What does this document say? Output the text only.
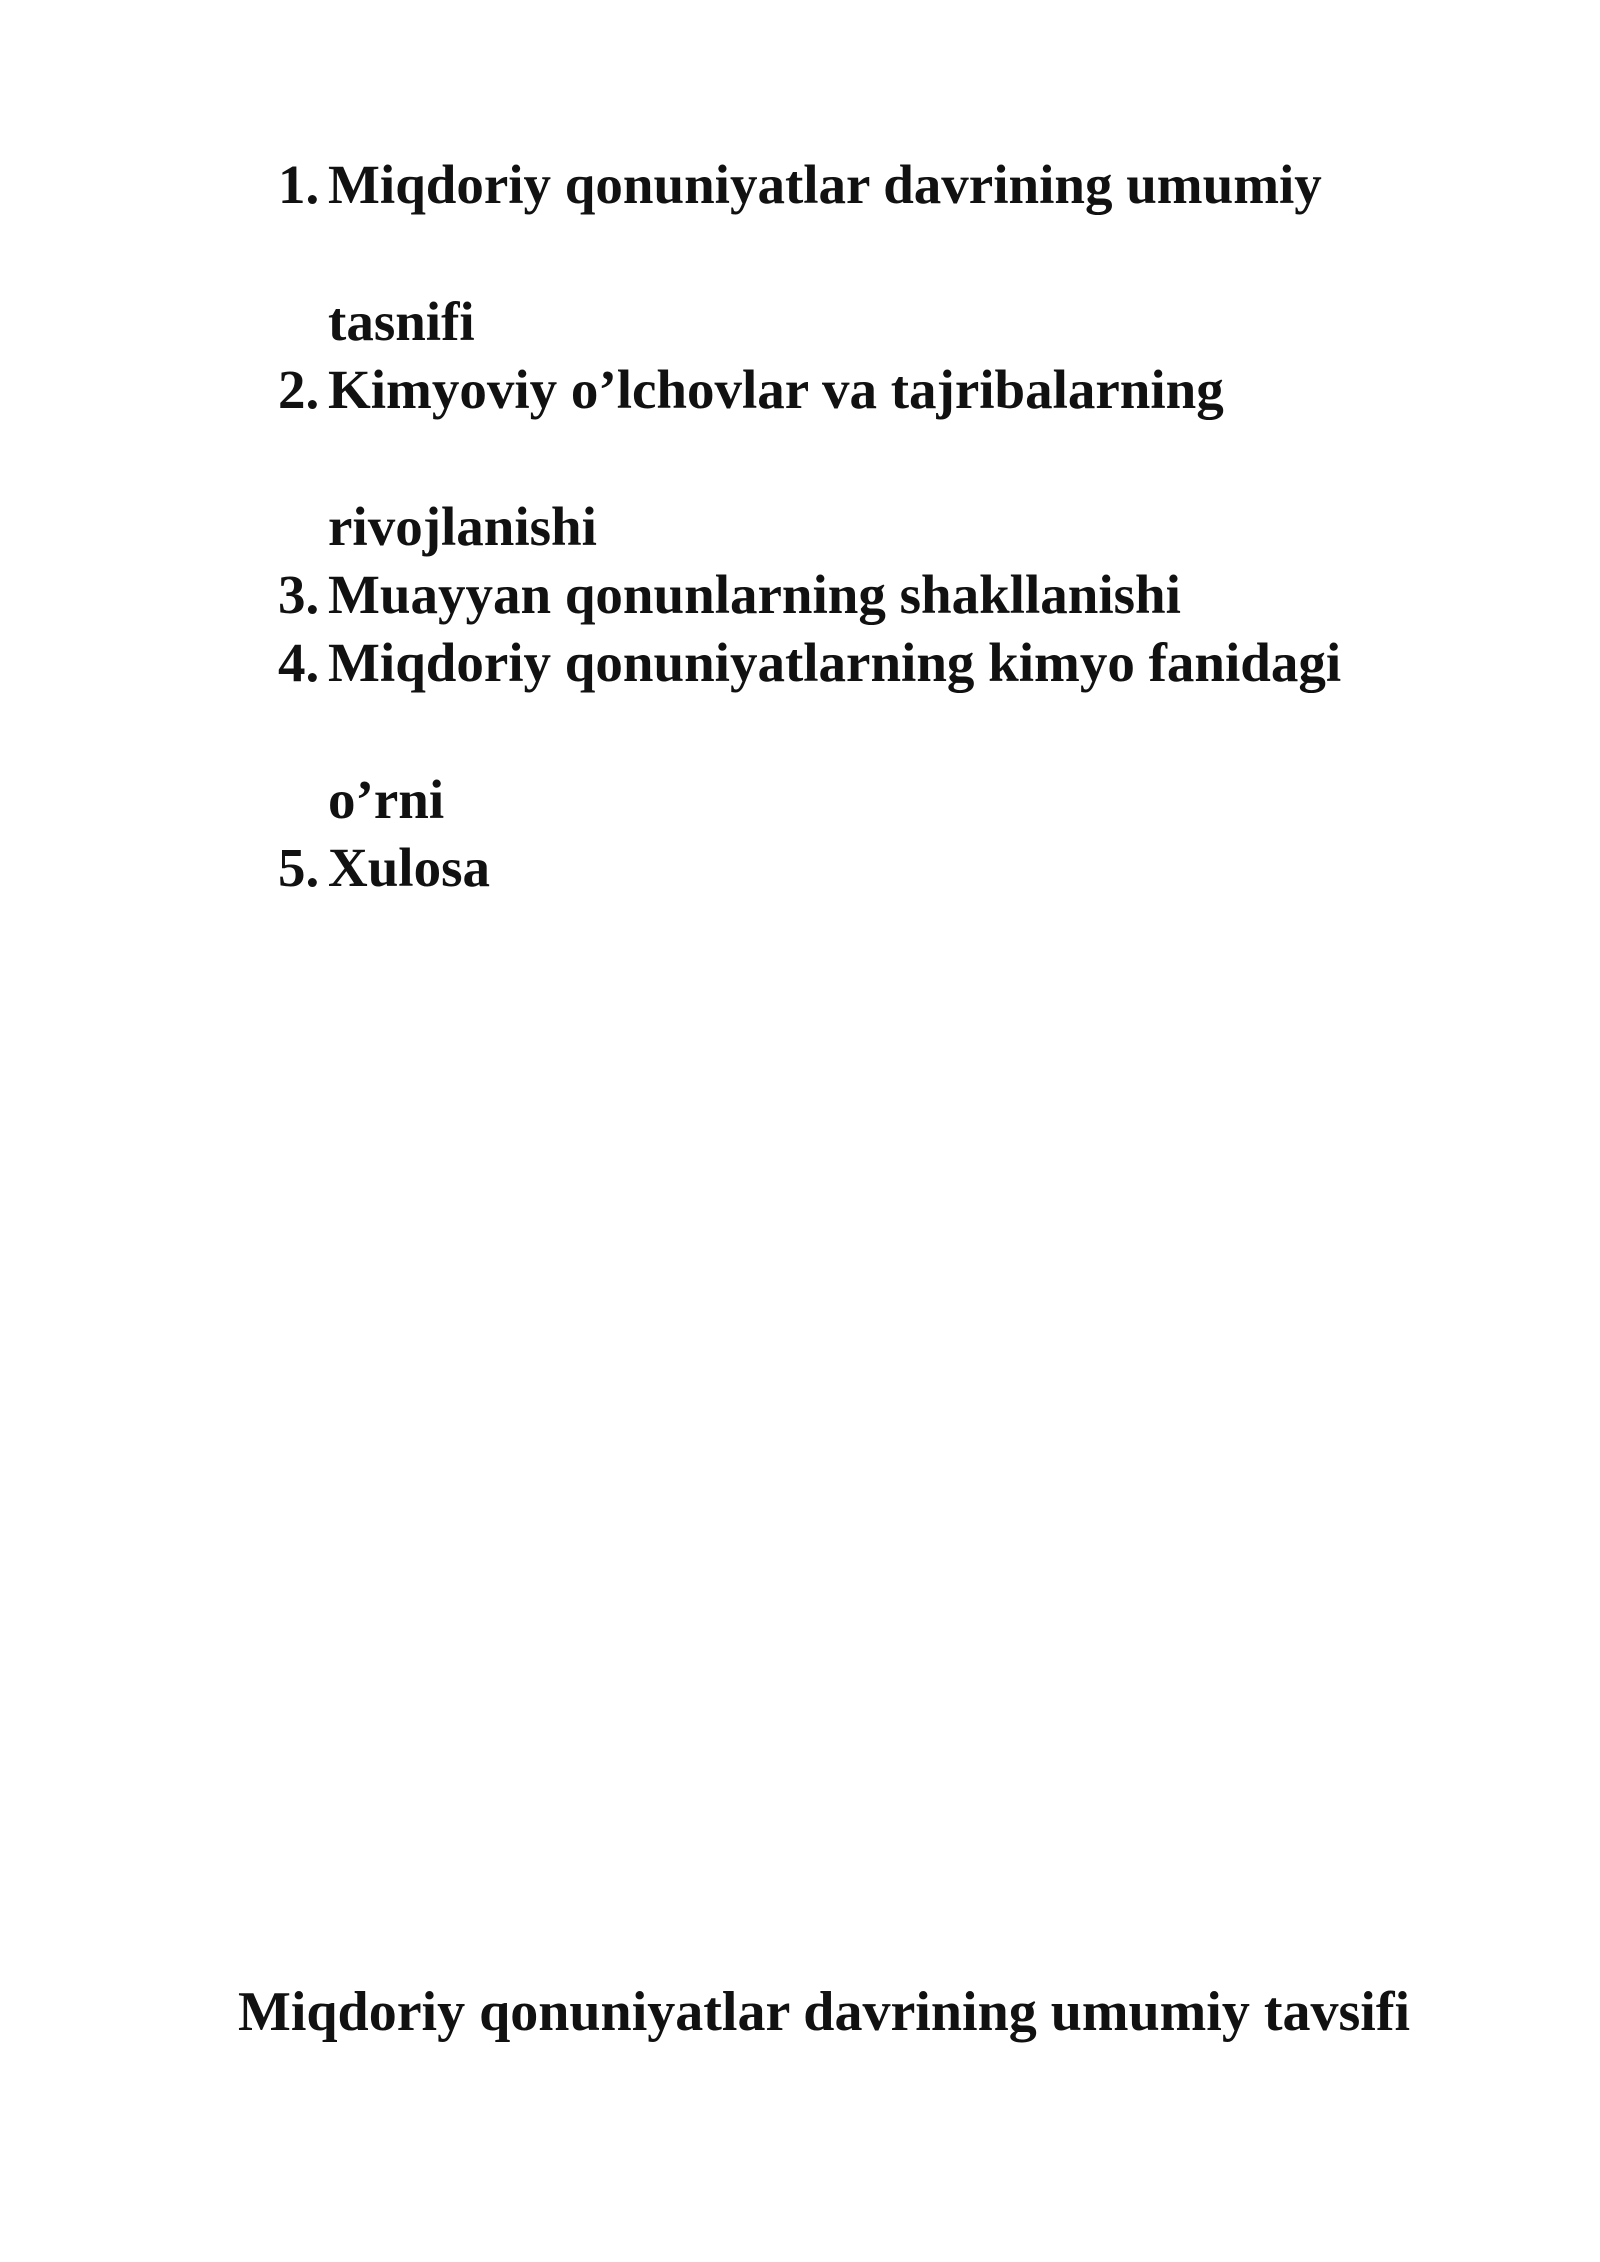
1. Miqdoriy qonuniyatlar davrining umumiy
tasnifi
2. Kimyoviy o’lchovlar va tajribalarning
rivojlanishi
3. Muayyan qonunlarning shakllanishi
4. Miqdoriy qonuniyatlarning kimyo fanidagi
o’rni
5. Xulosa
Miqdoriy qonuniyatlar davrining umumiy tavsifi
